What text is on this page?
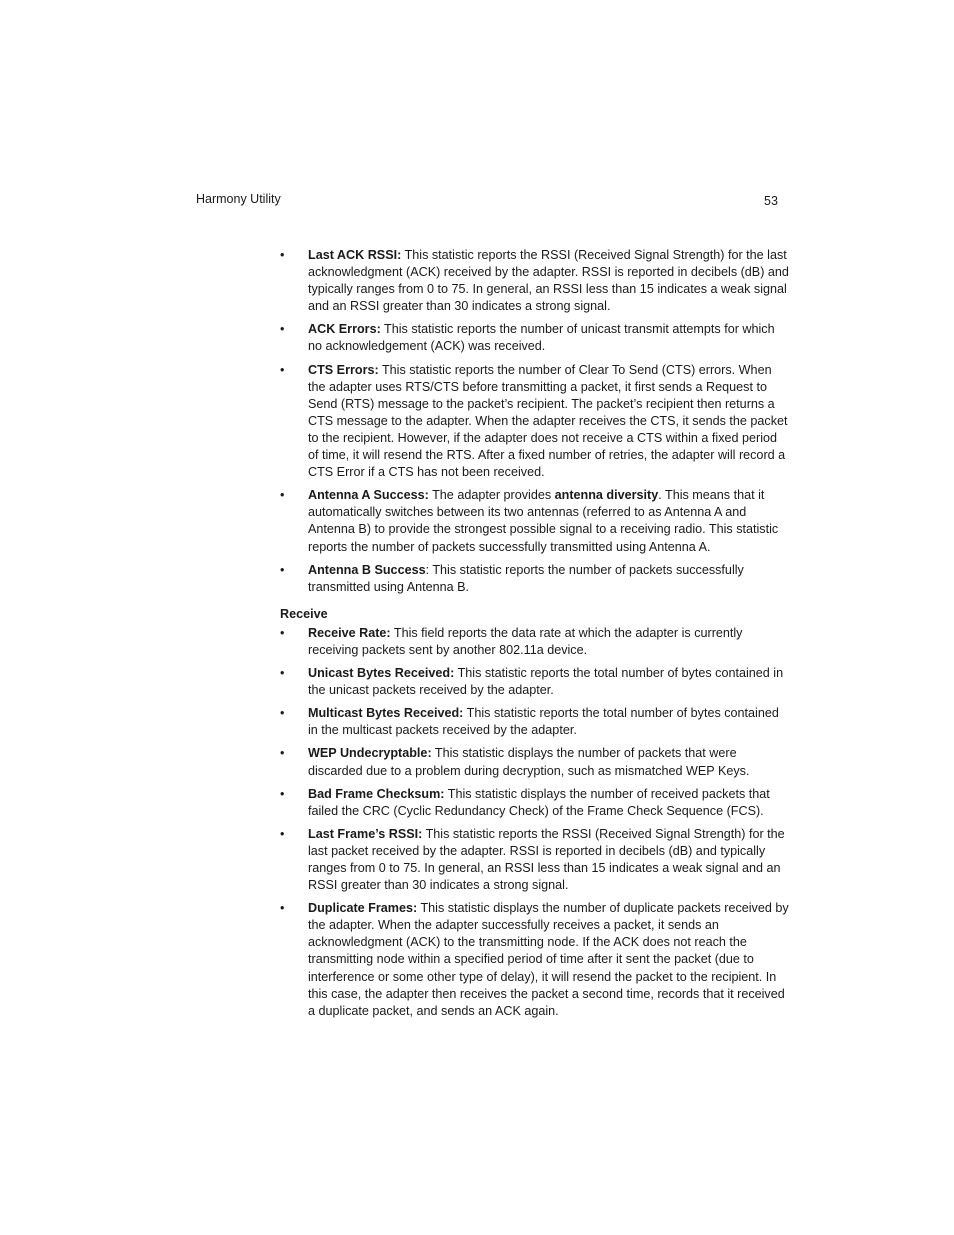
Harmony Utility	53
• Last ACK RSSI: This statistic reports the RSSI (Received Signal Strength) for the last acknowledgment (ACK) received by the adapter. RSSI is reported in decibels (dB) and typically ranges from 0 to 75. In general, an RSSI less than 15 indicates a weak signal and an RSSI greater than 30 indicates a strong signal.
• ACK Errors: This statistic reports the number of unicast transmit attempts for which no acknowledgement (ACK) was received.
• CTS Errors: This statistic reports the number of Clear To Send (CTS) errors. When the adapter uses RTS/CTS before transmitting a packet, it first sends a Request to Send (RTS) message to the packet’s recipient. The packet’s recipient then returns a CTS message to the adapter. When the adapter receives the CTS, it sends the packet to the recipient. However, if the adapter does not receive a CTS within a fixed period of time, it will resend the RTS. After a fixed number of retries, the adapter will record a CTS Error if a CTS has not been received.
• Antenna A Success: The adapter provides antenna diversity. This means that it automatically switches between its two antennas (referred to as Antenna A and Antenna B) to provide the strongest possible signal to a receiving radio. This statistic reports the number of packets successfully transmitted using Antenna A.
• Antenna B Success: This statistic reports the number of packets successfully transmitted using Antenna B.
Receive
• Receive Rate: This field reports the data rate at which the adapter is currently receiving packets sent by another 802.11a device.
• Unicast Bytes Received: This statistic reports the total number of bytes contained in the unicast packets received by the adapter.
• Multicast Bytes Received: This statistic reports the total number of bytes contained in the multicast packets received by the adapter.
• WEP Undecryptable: This statistic displays the number of packets that were discarded due to a problem during decryption, such as mismatched WEP Keys.
• Bad Frame Checksum: This statistic displays the number of received packets that failed the CRC (Cyclic Redundancy Check) of the Frame Check Sequence (FCS).
• Last Frame’s RSSI: This statistic reports the RSSI (Received Signal Strength) for the last packet received by the adapter. RSSI is reported in decibels (dB) and typically ranges from 0 to 75. In general, an RSSI less than 15 indicates a weak signal and an RSSI greater than 30 indicates a strong signal.
• Duplicate Frames: This statistic displays the number of duplicate packets received by the adapter. When the adapter successfully receives a packet, it sends an acknowledgment (ACK) to the transmitting node. If the ACK does not reach the transmitting node within a specified period of time after it sent the packet (due to interference or some other type of delay), it will resend the packet to the recipient. In this case, the adapter then receives the packet a second time, records that it received a duplicate packet, and sends an ACK again.
